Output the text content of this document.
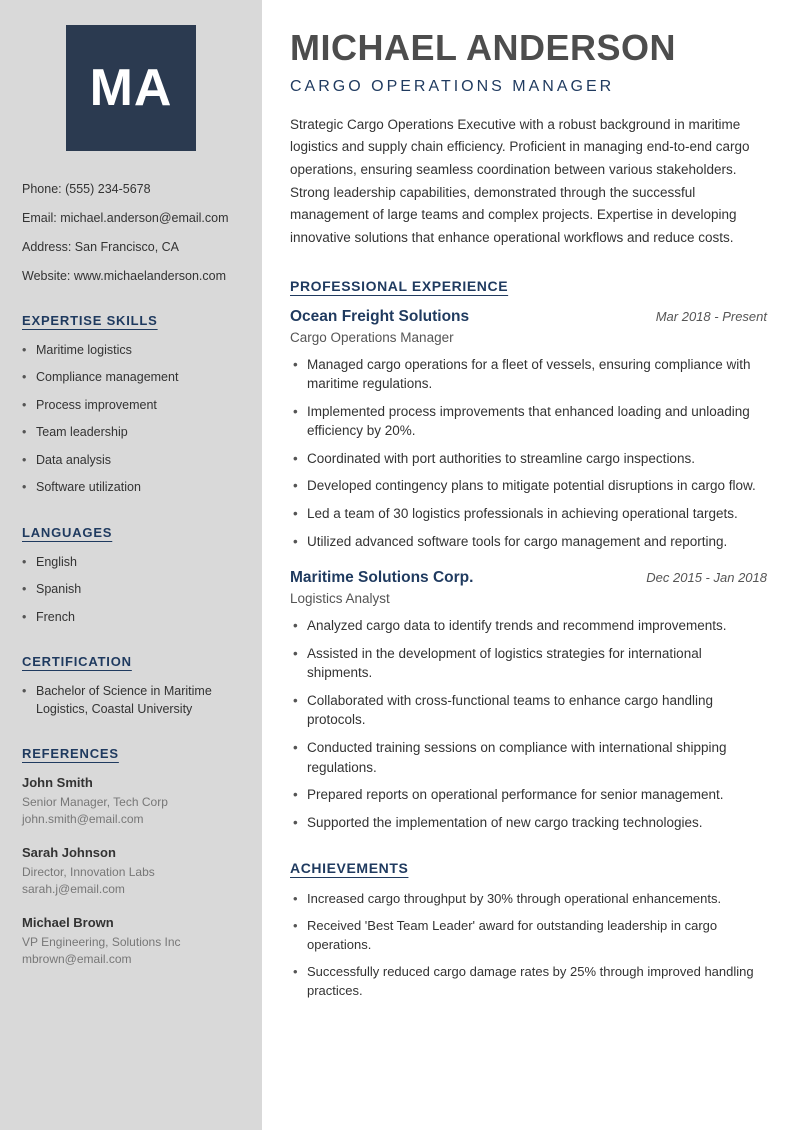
MA
Phone: (555) 234-5678
Email: michael.anderson@email.com
Address: San Francisco, CA
Website: www.michaelanderson.com
EXPERTISE SKILLS
• Maritime logistics
• Compliance management
• Process improvement
• Team leadership
• Data analysis
• Software utilization
LANGUAGES
• English
• Spanish
• French
CERTIFICATION
• Bachelor of Science in Maritime Logistics, Coastal University
REFERENCES
John Smith
Senior Manager, Tech Corp
john.smith@email.com
Sarah Johnson
Director, Innovation Labs
sarah.j@email.com
Michael Brown
VP Engineering, Solutions Inc
mbrown@email.com
MICHAEL ANDERSON
CARGO OPERATIONS MANAGER

Strategic Cargo Operations Executive with a robust background in maritime logistics and supply chain efficiency. Proficient in managing end-to-end cargo operations, ensuring seamless coordination between various stakeholders. Strong leadership capabilities, demonstrated through the successful management of large teams and complex projects. Expertise in developing innovative solutions that enhance operational workflows and reduce costs.

PROFESSIONAL EXPERIENCE
Ocean Freight Solutions	Mar 2018 - Present
Cargo Operations Manager
• Managed cargo operations for a fleet of vessels, ensuring compliance with maritime regulations.
• Implemented process improvements that enhanced loading and unloading efficiency by 20%.
• Coordinated with port authorities to streamline cargo inspections.
• Developed contingency plans to mitigate potential disruptions in cargo flow.
• Led a team of 30 logistics professionals in achieving operational targets.
• Utilized advanced software tools for cargo management and reporting.
Maritime Solutions Corp.	Dec 2015 - Jan 2018
Logistics Analyst
• Analyzed cargo data to identify trends and recommend improvements.
• Assisted in the development of logistics strategies for international shipments.
• Collaborated with cross-functional teams to enhance cargo handling protocols.
• Conducted training sessions on compliance with international shipping regulations.
• Prepared reports on operational performance for senior management.
• Supported the implementation of new cargo tracking technologies.
ACHIEVEMENTS
• Increased cargo throughput by 30% through operational enhancements.
• Received 'Best Team Leader' award for outstanding leadership in cargo operations.
• Successfully reduced cargo damage rates by 25% through improved handling practices.
